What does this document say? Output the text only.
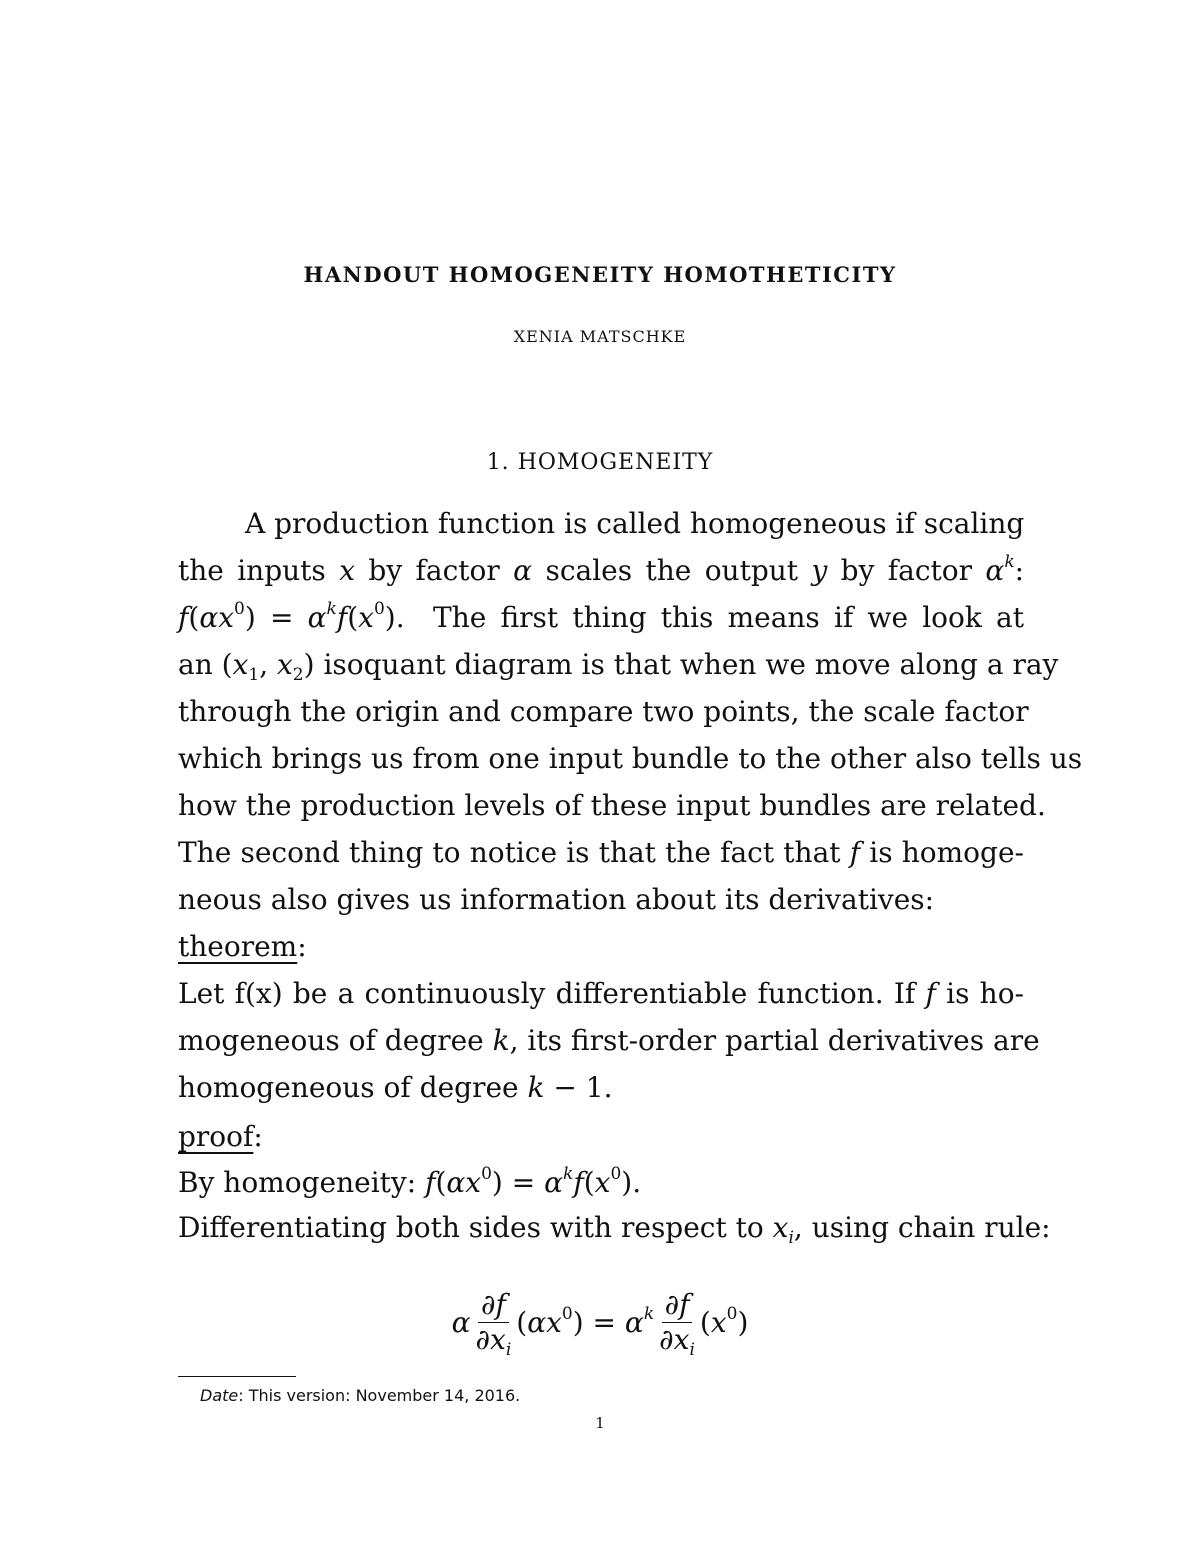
HANDOUT HOMOGENEITY HOMOTHETICITY
XENIA MATSCHKE
1. HOMOGENEITY
A production function is called homogeneous if scaling
the inputs x by factor α scales the output y by factor $\alpha^k$:
$f(\alpha x^0) = \alpha^kf(x^0)$.  The first thing this means if we look at
an ($x_1$, $x_2$) isoquant diagram is that when we move along a ray
through the origin and compare two points, the scale factor
which brings us from one input bundle to the other also tells us
how the production levels of these input bundles are related.
The second thing to notice is that the fact that f is homoge-
neous also gives us information about its derivatives:
theorem:
Let f(x) be a continuously differentiable function. If f is ho-
mogeneous of degree k, its first-order partial derivatives are
homogeneous of degree k − 1.
proof:
By homogeneity: $f(\alpha x^0) = \alpha^kf(x^0)$.
Differentiating both sides with respect to $x_i$, using chain rule:
α $\frac{\partial f}{\partial x_i} (\alpha x^0) = \alpha^k \frac{\partial f}{\partial x_i} (x^0)$
Date: This version: November 14, 2016.
1
